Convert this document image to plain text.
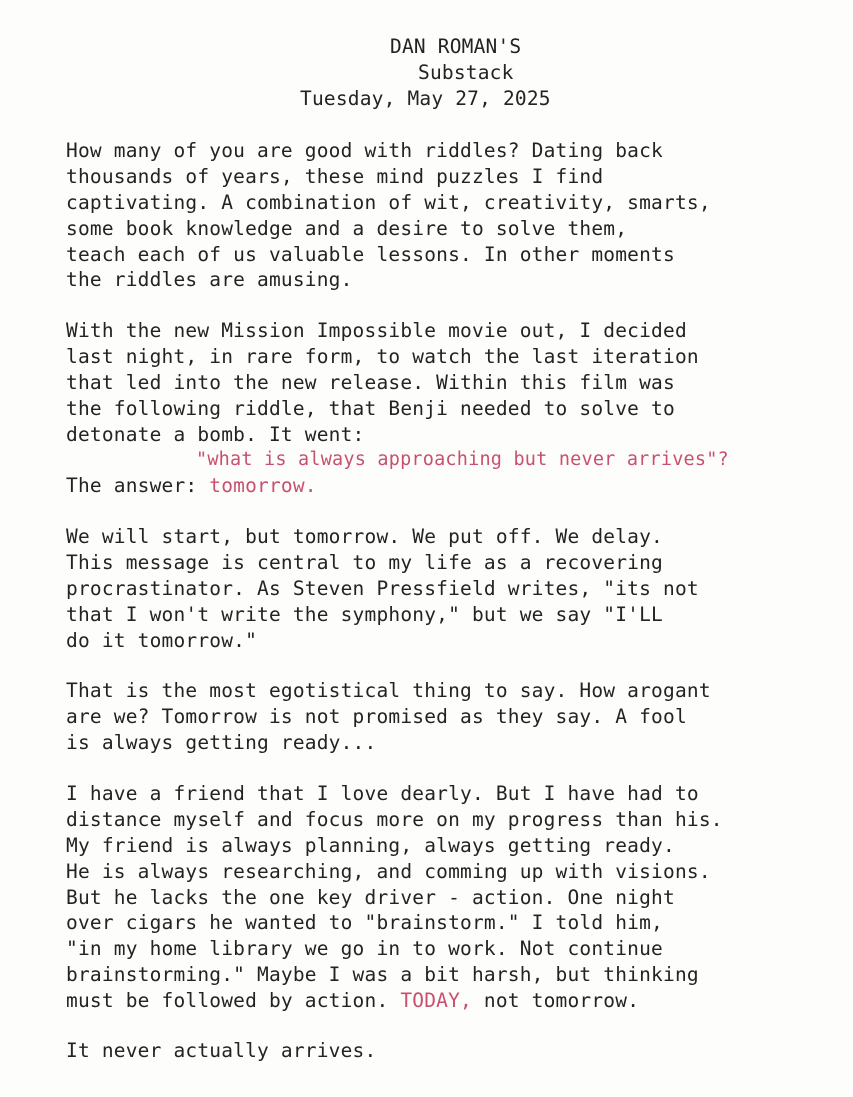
DAN ROMAN'S
Substack
Tuesday, May 27, 2025
How many of you are good with riddles? Dating back
thousands of years, these mind puzzles I find
captivating. A combination of wit, creativity, smarts,
some book knowledge and a desire to solve them,
teach each of us valuable lessons. In other moments
the riddles are amusing.
With the new Mission Impossible movie out, I decided
last night, in rare form, to watch the last iteration
that led into the new release. Within this film was
the following riddle, that Benji needed to solve to
detonate a bomb. It went:
"what is always approaching but never arrives"?
The answer: tomorrow.
We will start, but tomorrow. We put off. We delay.
This message is central to my life as a recovering
procrastinator. As Steven Pressfield writes, "its not
that I won't write the symphony," but we say "I'LL
do it tomorrow."
That is the most egotistical thing to say. How arogant
are we? Tomorrow is not promised as they say. A fool
is always getting ready...
I have a friend that I love dearly. But I have had to
distance myself and focus more on my progress than his.
My friend is always planning, always getting ready.
He is always researching, and comming up with visions.
But he lacks the one key driver - action. One night
over cigars he wanted to "brainstorm." I told him,
"in my home library we go in to work. Not continue
brainstorming." Maybe I was a bit harsh, but thinking
must be followed by action. TODAY, not tomorrow.
It never actually arrives.
